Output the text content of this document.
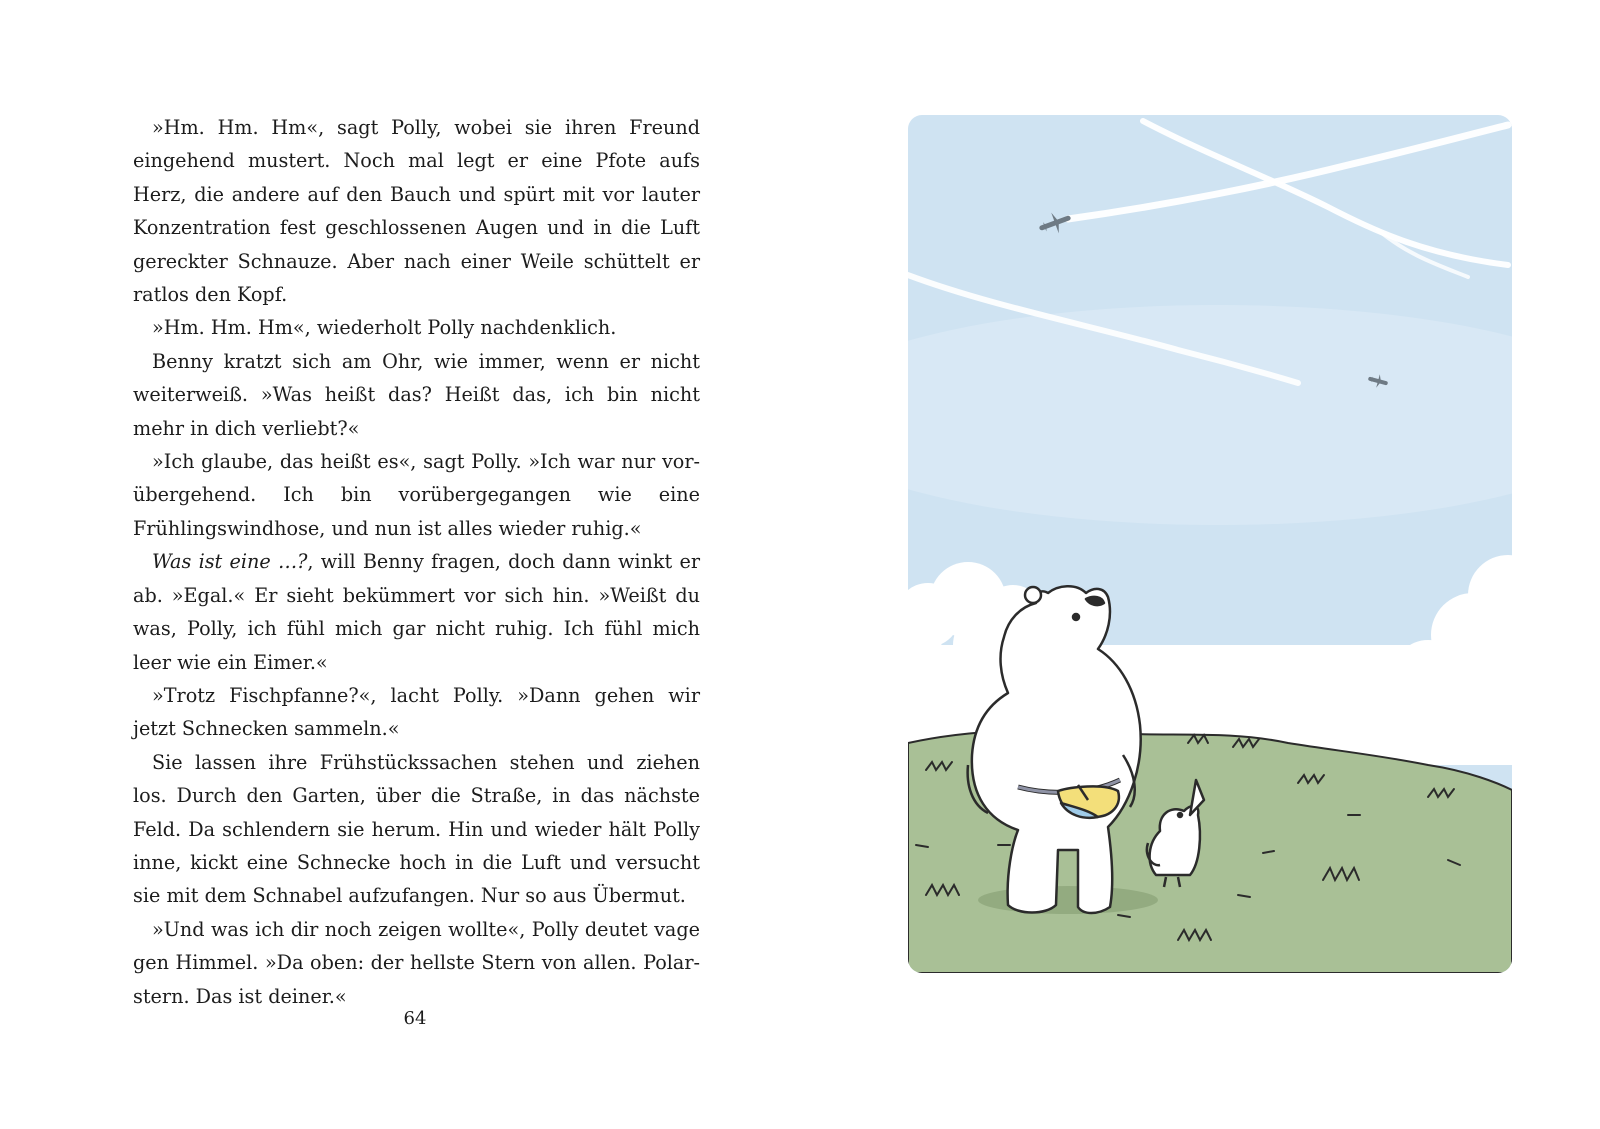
»Hm. Hm. Hm«, sagt Polly, wobei sie ihren Freund eingehend mustert. Noch mal legt er eine Pfote aufs Herz, die andere auf den Bauch und spürt mit vor lauter Konzentration fest geschlossenen Augen und in die Luft gereckter Schnauze. Aber nach einer Weile schüttelt er ratlos den Kopf.

»Hm. Hm. Hm«, wiederholt Polly nachdenklich.

Benny kratzt sich am Ohr, wie immer, wenn er nicht weiterweiß. »Was heißt das? Heißt das, ich bin nicht mehr in dich verliebt?«

»Ich glaube, das heißt es«, sagt Polly. »Ich war nur vorübergehend. Ich bin vorübergegangen wie eine Frühlingswindhose, und nun ist alles wieder ruhig.«

Was ist eine …?, will Benny fragen, doch dann winkt er ab. »Egal.« Er sieht bekümmert vor sich hin. »Weißt du was, Polly, ich fühl mich gar nicht ruhig. Ich fühl mich leer wie ein Eimer.«

»Trotz Fischpfanne?«, lacht Polly. »Dann gehen wir jetzt Schnecken sammeln.«

Sie lassen ihre Frühstückssachen stehen und ziehen los. Durch den Garten, über die Straße, in das nächste Feld. Da schlendern sie herum. Hin und wieder hält Polly inne, kickt eine Schnecke hoch in die Luft und versucht sie mit dem Schnabel aufzufangen. Nur so aus Übermut.

»Und was ich dir noch zeigen wollte«, Polly deutet vage gen Himmel. »Da oben: der hellste Stern von allen. Polarstern. Das ist deiner.«

64
